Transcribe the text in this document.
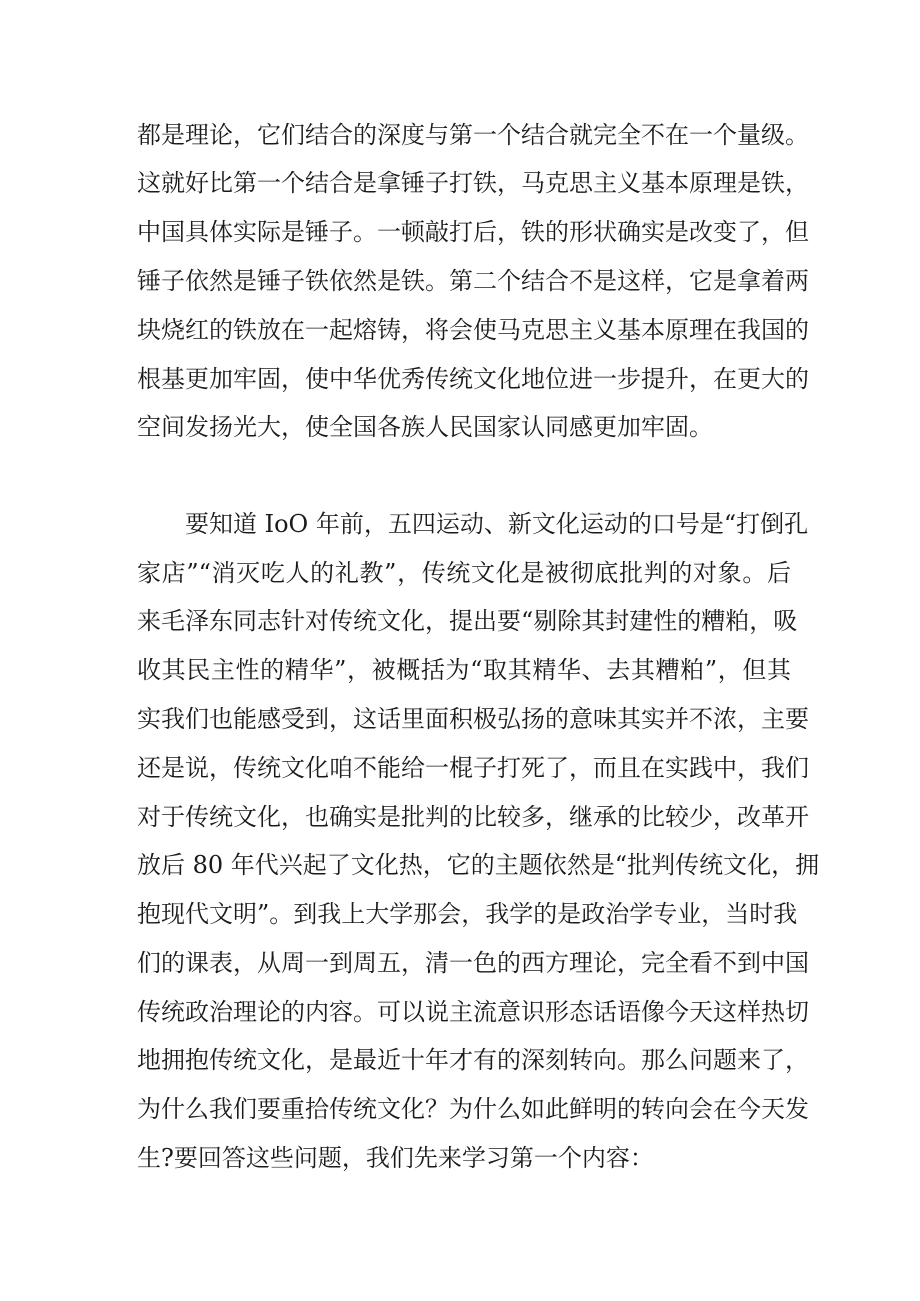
都是理论，它们结合的深度与第一个结合就完全不在一个量级。
这就好比第一个结合是拿锤子打铁，马克思主义基本原理是铁，
中国具体实际是锤子。一顿敲打后，铁的形状确实是改变了，但
锤子依然是锤子铁依然是铁。第二个结合不是这样，它是拿着两
块烧红的铁放在一起熔铸，将会使马克思主义基本原理在我国的
根基更加牢固，使中华优秀传统文化地位进一步提升，在更大的
空间发扬光大，使全国各族人民国家认同感更加牢固。
要知道 IoO 年前，五四运动、新文化运动的口号是“打倒孔
家店”“消灭吃人的礼教”，传统文化是被彻底批判的对象。后
来毛泽东同志针对传统文化，提出要“剔除其封建性的糟粕，吸
收其民主性的精华”，被概括为“取其精华、去其糟粕”，但其
实我们也能感受到，这话里面积极弘扬的意味其实并不浓，主要
还是说，传统文化咱不能给一棍子打死了，而且在实践中，我们
对于传统文化，也确实是批判的比较多，继承的比较少，改革开
放后 80 年代兴起了文化热，它的主题依然是“批判传统文化，拥
抱现代文明”。到我上大学那会，我学的是政治学专业，当时我
们的课表，从周一到周五，清一色的西方理论，完全看不到中国
传统政治理论的内容。可以说主流意识形态话语像今天这样热切
地拥抱传统文化，是最近十年才有的深刻转向。那么问题来了，
为什么我们要重拾传统文化？为什么如此鲜明的转向会在今天发
生?要回答这些问题，我们先来学习第一个内容：
